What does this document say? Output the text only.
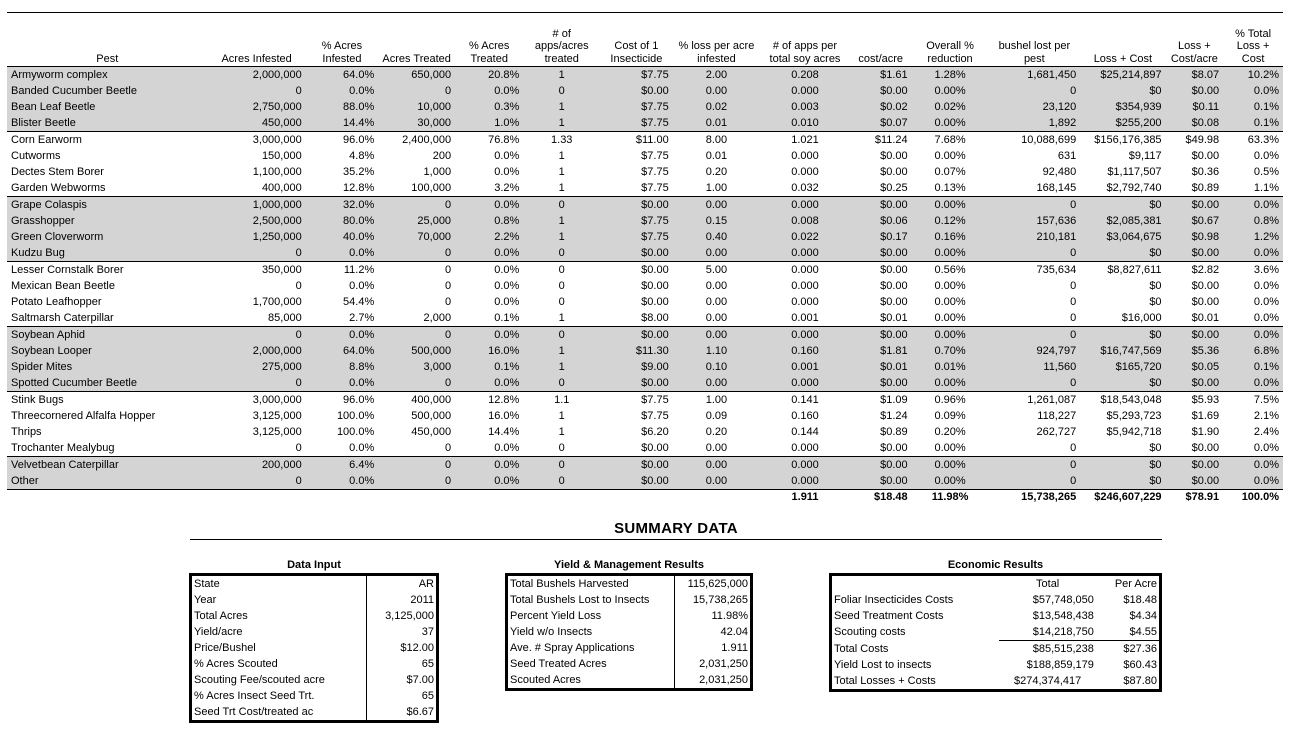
Pest	Acres Infested	% Acres Infested	Acres Treated	% Acres Treated	# of apps/acres treated	Cost of 1 Insecticide	% loss per acre infested	# of apps per total soy acres	cost/acre	Overall % reduction	bushel lost per pest	Loss + Cost	Loss + Cost/acre	% Total Loss + Cost
Armyworm complex	2,000,000	64.0%	650,000	20.8%	1	$7.75	2.00	0.208	$1.61	1.28%	1,681,450	$25,214,897	$8.07	10.2%
Banded Cucumber Beetle	0	0.0%	0	0.0%	0	$0.00	0.00	0.000	$0.00	0.00%	0	$0	$0.00	0.0%
Bean Leaf Beetle	2,750,000	88.0%	10,000	0.3%	1	$7.75	0.02	0.003	$0.02	0.02%	23,120	$354,939	$0.11	0.1%
Blister Beetle	450,000	14.4%	30,000	1.0%	1	$7.75	0.01	0.010	$0.07	0.00%	1,892	$255,200	$0.08	0.1%
Corn Earworm	3,000,000	96.0%	2,400,000	76.8%	1.33	$11.00	8.00	1.021	$11.24	7.68%	10,088,699	$156,176,385	$49.98	63.3%
Cutworms	150,000	4.8%	200	0.0%	1	$7.75	0.01	0.000	$0.00	0.00%	631	$9,117	$0.00	0.0%
Dectes Stem Borer	1,100,000	35.2%	1,000	0.0%	1	$7.75	0.20	0.000	$0.00	0.07%	92,480	$1,117,507	$0.36	0.5%
Garden Webworms	400,000	12.8%	100,000	3.2%	1	$7.75	1.00	0.032	$0.25	0.13%	168,145	$2,792,740	$0.89	1.1%
Grape Colaspis	1,000,000	32.0%	0	0.0%	0	$0.00	0.00	0.000	$0.00	0.00%	0	$0	$0.00	0.0%
Grasshopper	2,500,000	80.0%	25,000	0.8%	1	$7.75	0.15	0.008	$0.06	0.12%	157,636	$2,085,381	$0.67	0.8%
Green Cloverworm	1,250,000	40.0%	70,000	2.2%	1	$7.75	0.40	0.022	$0.17	0.16%	210,181	$3,064,675	$0.98	1.2%
Kudzu Bug	0	0.0%	0	0.0%	0	$0.00	0.00	0.000	$0.00	0.00%	0	$0	$0.00	0.0%
Lesser Cornstalk Borer	350,000	11.2%	0	0.0%	0	$0.00	5.00	0.000	$0.00	0.56%	735,634	$8,827,611	$2.82	3.6%
Mexican Bean Beetle	0	0.0%	0	0.0%	0	$0.00	0.00	0.000	$0.00	0.00%	0	$0	$0.00	0.0%
Potato Leafhopper	1,700,000	54.4%	0	0.0%	0	$0.00	0.00	0.000	$0.00	0.00%	0	$0	$0.00	0.0%
Saltmarsh Caterpillar	85,000	2.7%	2,000	0.1%	1	$8.00	0.00	0.001	$0.01	0.00%	0	$16,000	$0.01	0.0%
Soybean Aphid	0	0.0%	0	0.0%	0	$0.00	0.00	0.000	$0.00	0.00%	0	$0	$0.00	0.0%
Soybean Looper	2,000,000	64.0%	500,000	16.0%	1	$11.30	1.10	0.160	$1.81	0.70%	924,797	$16,747,569	$5.36	6.8%
Spider Mites	275,000	8.8%	3,000	0.1%	1	$9.00	0.10	0.001	$0.01	0.01%	11,560	$165,720	$0.05	0.1%
Spotted Cucumber Beetle	0	0.0%	0	0.0%	0	$0.00	0.00	0.000	$0.00	0.00%	0	$0	$0.00	0.0%
Stink Bugs	3,000,000	96.0%	400,000	12.8%	1.1	$7.75	1.00	0.141	$1.09	0.96%	1,261,087	$18,543,048	$5.93	7.5%
Threecornered Alfalfa Hopper	3,125,000	100.0%	500,000	16.0%	1	$7.75	0.09	0.160	$1.24	0.09%	118,227	$5,293,723	$1.69	2.1%
Thrips	3,125,000	100.0%	450,000	14.4%	1	$6.20	0.20	0.144	$0.89	0.20%	262,727	$5,942,718	$1.90	2.4%
Trochanter Mealybug	0	0.0%	0	0.0%	0	$0.00	0.00	0.000	$0.00	0.00%	0	$0	$0.00	0.0%
Velvetbean Caterpillar	200,000	6.4%	0	0.0%	0	$0.00	0.00	0.000	$0.00	0.00%	0	$0	$0.00	0.0%
Other	0	0.0%	0	0.0%	0	$0.00	0.00	0.000	$0.00	0.00%	0	$0	$0.00	0.0%
								1.911	$18.48	11.98%	15,738,265	$246,607,229	$78.91	100.0%
SUMMARY DATA
Data Input
State	AR
Year	2011
Total Acres	3,125,000
Yield/acre	37
Price/Bushel	$12.00
% Acres Scouted	65
Scouting Fee/scouted acre	$7.00
% Acres Insect Seed Trt.	65
Seed Trt Cost/treated ac	$6.67
Yield & Management Results
Total Bushels Harvested	115,625,000
Total Bushels Lost to Insects	15,738,265
Percent Yield Loss	11.98%
Yield w/o Insects	42.04
Ave. # Spray Applications	1.911
Seed Treated Acres	2,031,250
Scouted Acres	2,031,250
Economic Results
	Total	Per Acre
Foliar Insecticides Costs	$57,748,050	$18.48
Seed Treatment Costs	$13,548,438	$4.34
Scouting costs	$14,218,750	$4.55
Total Costs	$85,515,238	$27.36
Yield Lost to insects	$188,859,179	$60.43
Total Losses + Costs	$274,374,417	$87.80
